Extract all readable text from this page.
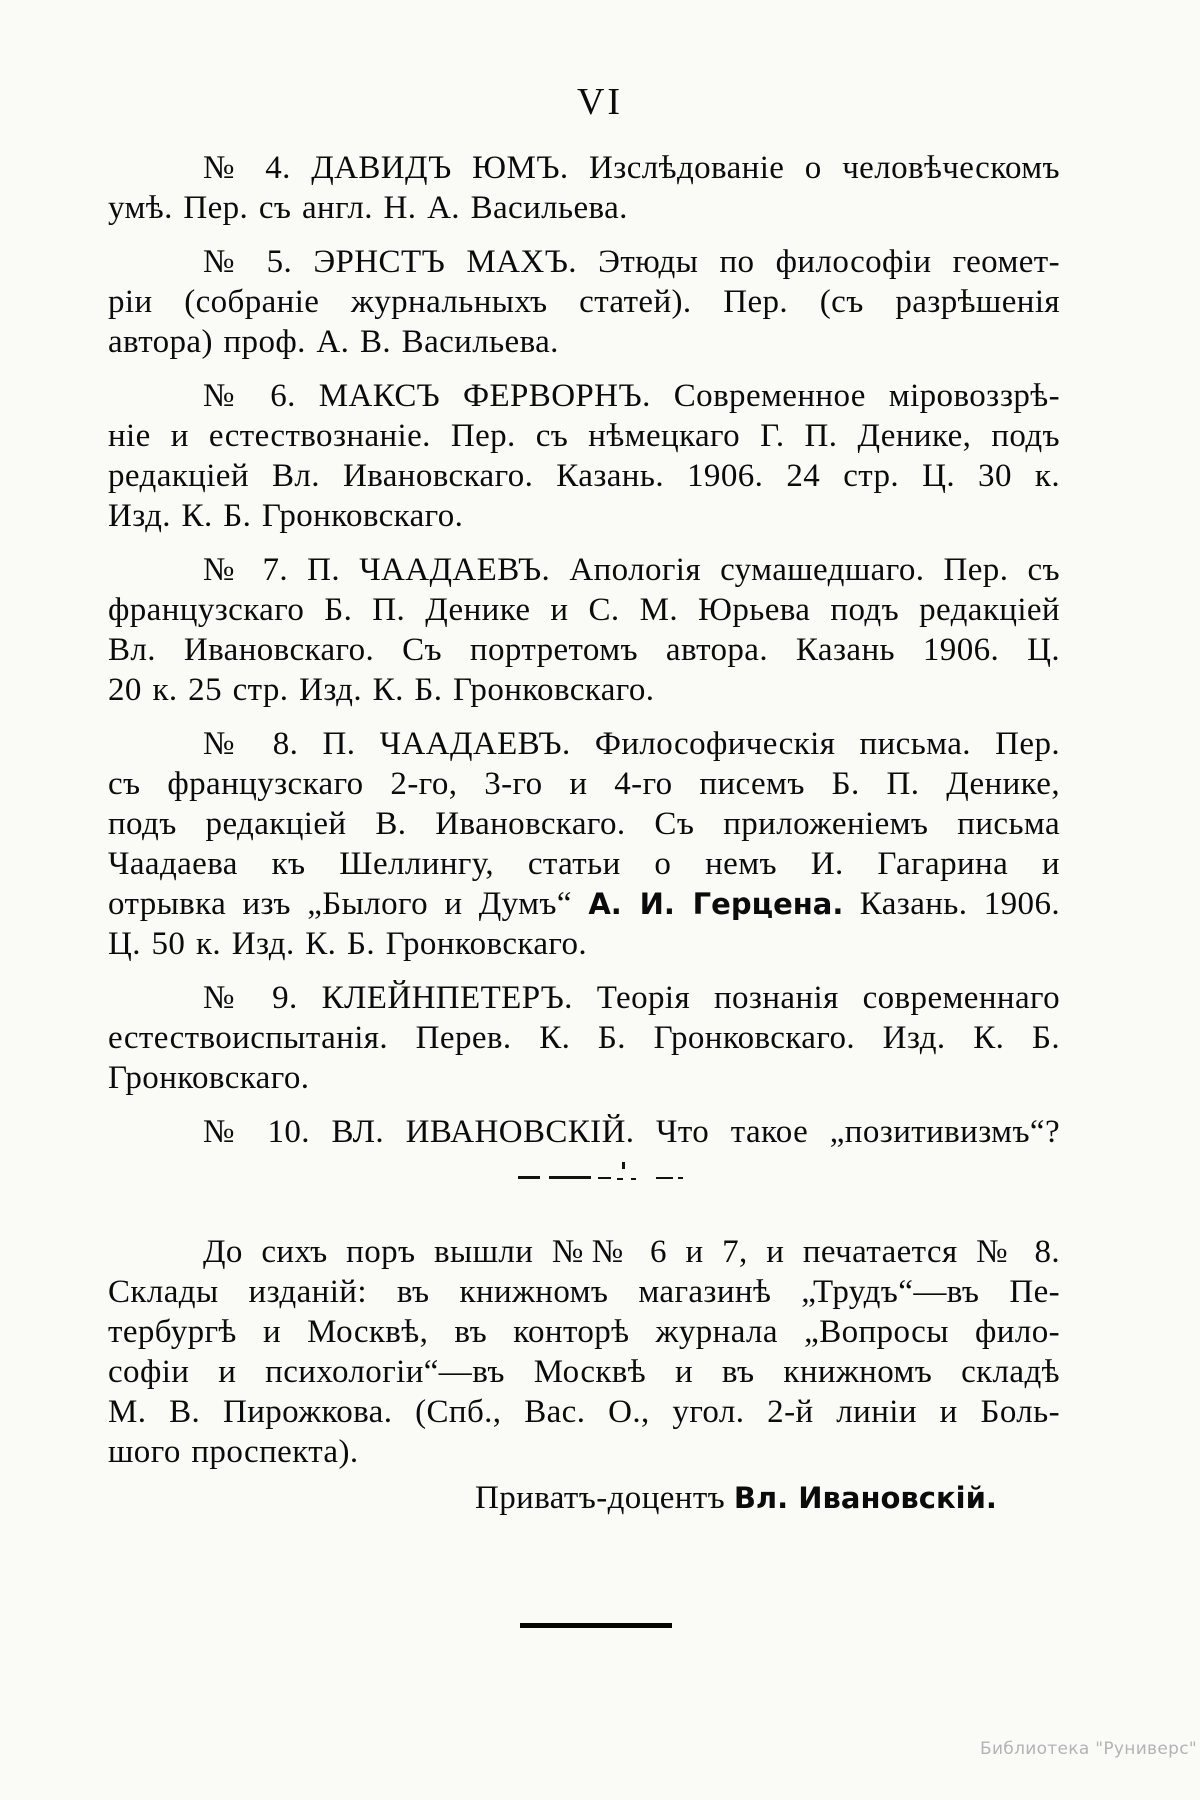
VI

№ 4. ДАВИДЪ ЮМЪ. Изслѣдованіе о человѣческомъ
умѣ. Пер. съ англ. Н. А. Васильева.

№ 5. ЭРНСТЪ МАХЪ. Этюды по философіи геомет-
ріи (собраніе журнальныхъ статей). Пер. (съ разрѣшенія
автора) проф. А. В. Васильева.

№ 6. МАКСЪ ФЕРВОРНЪ. Современное міровоззрѣ-
ніе и естествознаніе. Пер. съ нѣмецкаго Г. П. Денике, подъ
редакціей Вл. Ивановскаго. Казань. 1906. 24 стр. Ц. 30 к.
Изд. К. Б. Гронковскаго.

№ 7. П. ЧААДАЕВЪ. Апологія сумашедшаго. Пер. съ
французскаго Б. П. Денике и С. М. Юрьева подъ редакціей
Вл. Ивановскаго. Съ портретомъ автора. Казань 1906. Ц.
20 к. 25 стр. Изд. К. Б. Гронковскаго.

№ 8. П. ЧААДАЕВЪ. Философическія письма. Пер.
съ французскаго 2-го, 3-го и 4-го писемъ Б. П. Денике,
подъ редакціей В. Ивановскаго. Съ приложеніемъ письма
Чаадаева къ Шеллингу, статьи о немъ И. Гагарина и
отрывка изъ „Былого и Думъ“ А. И. Герцена. Казань. 1906.
Ц. 50 к. Изд. К. Б. Гронковскаго.

№ 9. КЛЕЙНПЕТЕРЪ. Теорія познанія современнаго
естествоиспытанія. Перев. К. Б. Гронковскаго. Изд. К. Б.
Гронковскаго.

№ 10. ВЛ. ИВАНОВСКІЙ. Что такое „позитивизмъ“?

До сихъ поръ вышли №№ 6 и 7, и печатается № 8.
Склады изданій: въ книжномъ магазинѣ „Трудъ“—въ Пе-
тербургѣ и Москвѣ, въ конторѣ журнала „Вопросы фило-
софіи и психологіи“—въ Москвѣ и въ книжномъ складѣ
М. В. Пирожкова. (Спб., Вас. О., угол. 2-й линіи и Боль-
шого проспекта).
Приватъ-доцентъ Вл. Ивановскій.
Библиотека "Руниверс"
